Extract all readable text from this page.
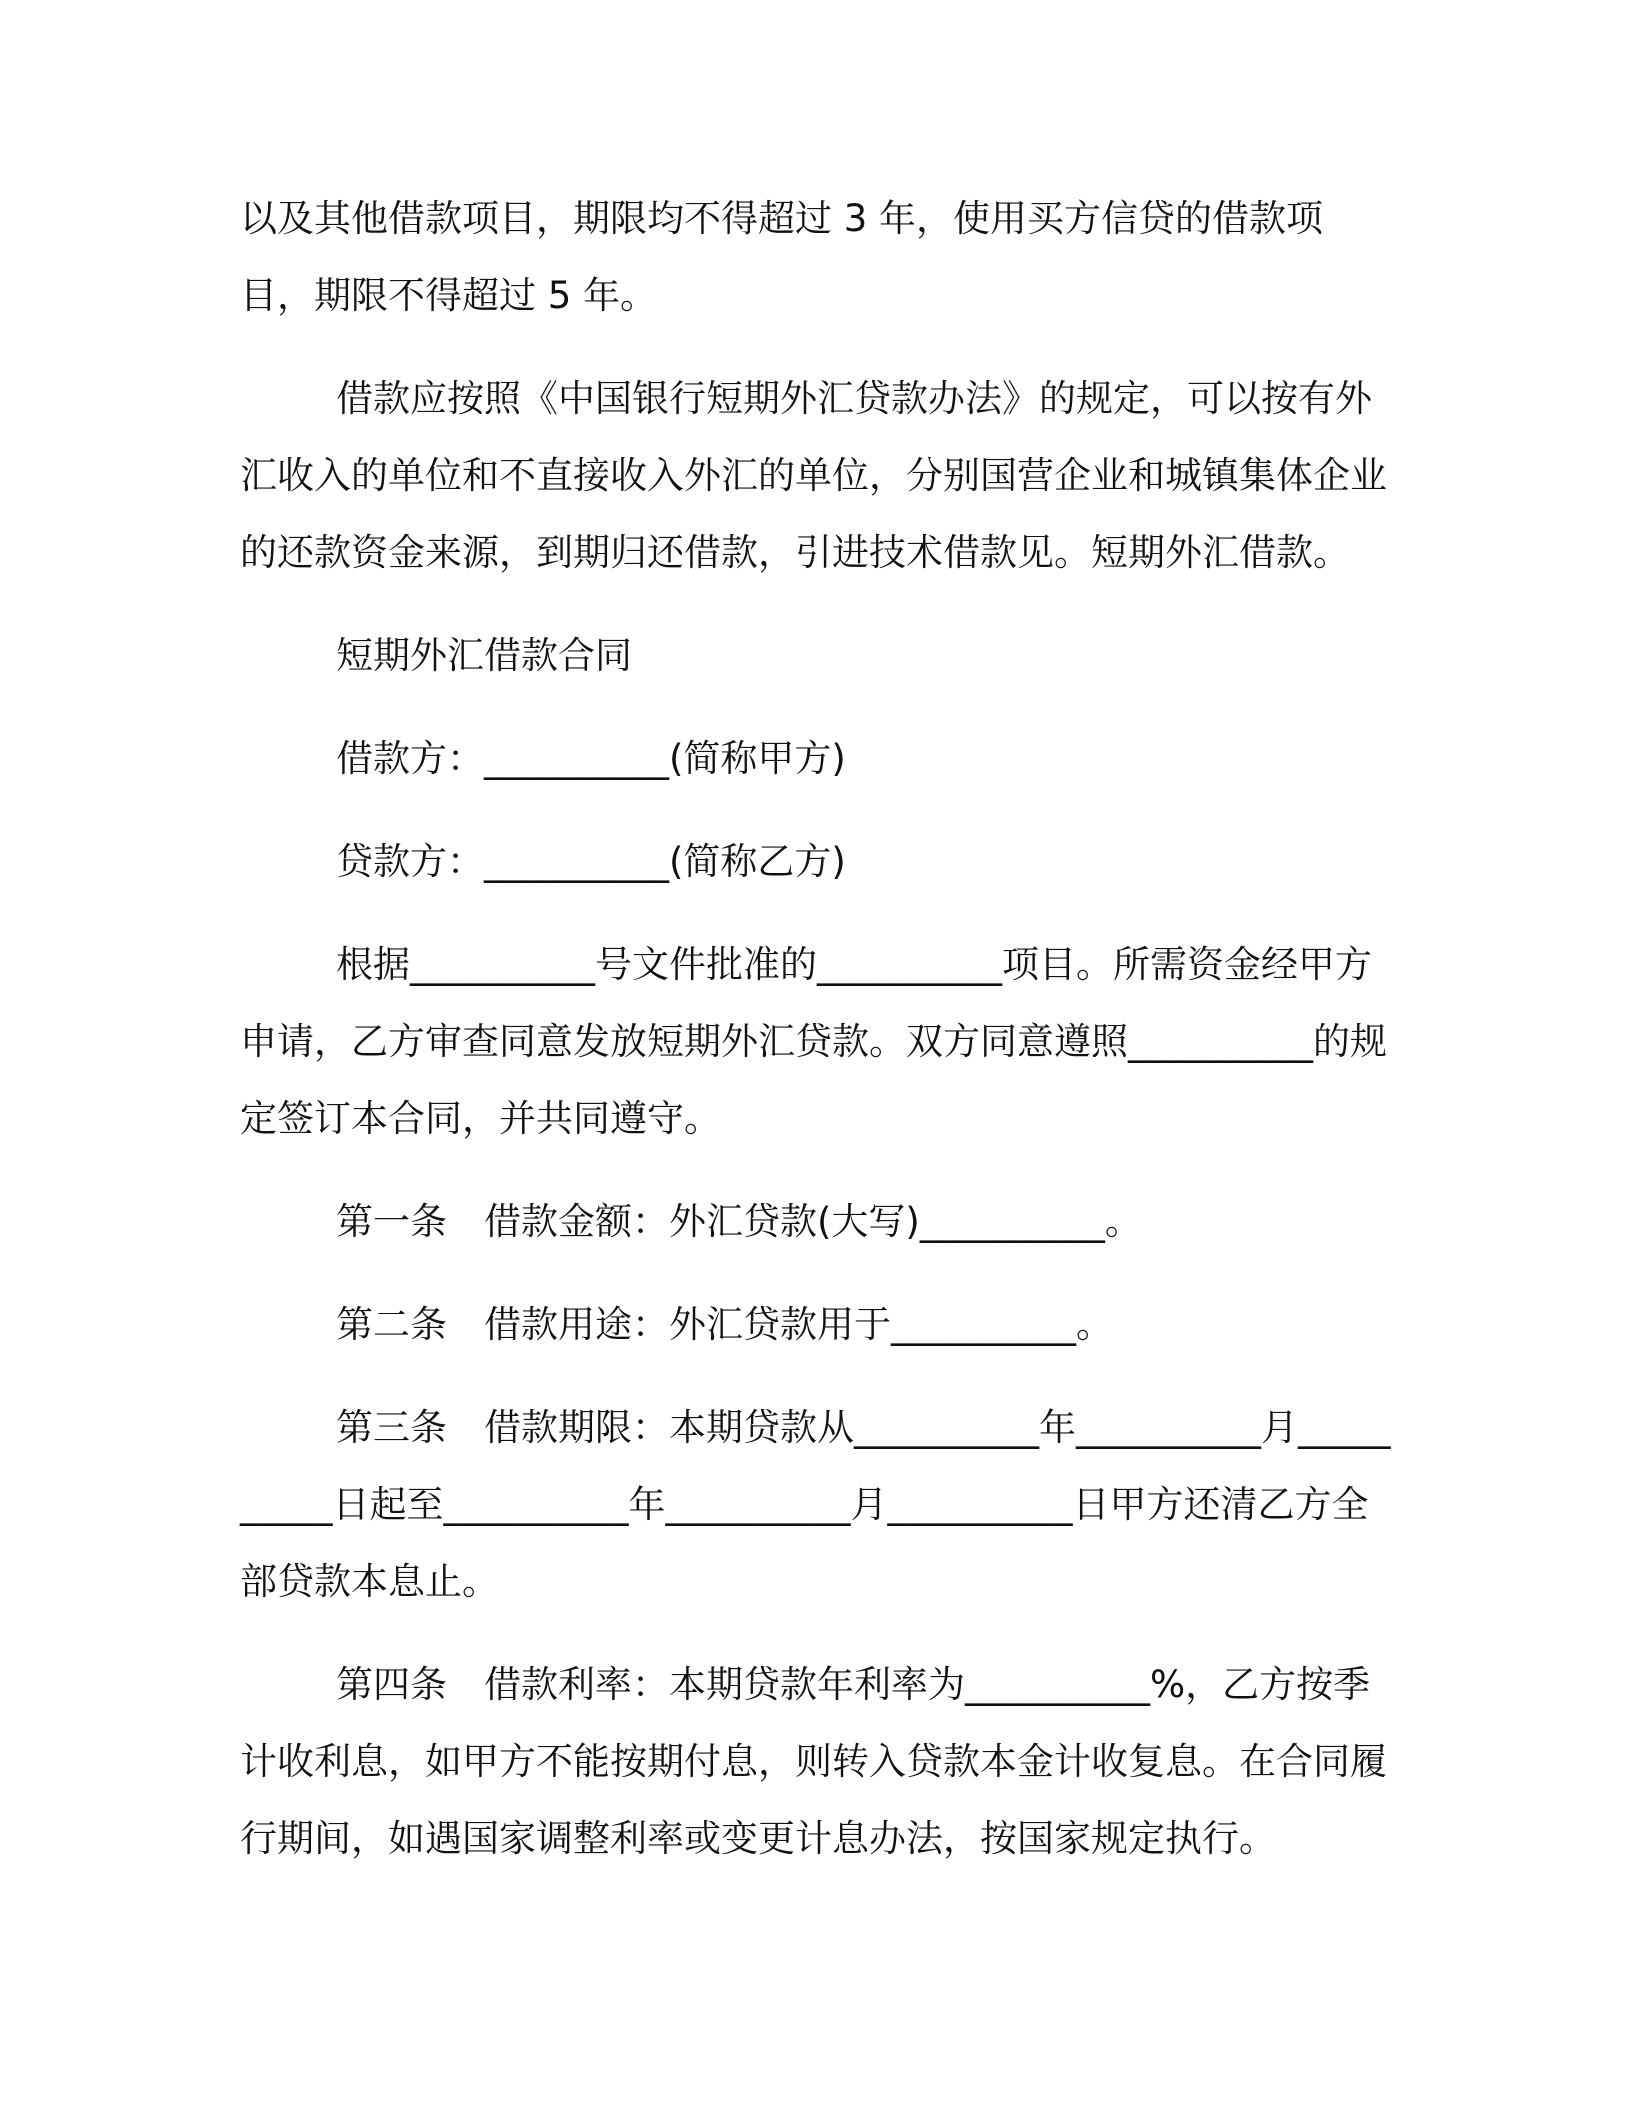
以及其他借款项目，期限均不得超过 3 年，使用买方信贷的借款项目，期限不得超过 5 年。

借款应按照《中国银行短期外汇贷款办法》的规定，可以按有外汇收入的单位和不直接收入外汇的单位，分别国营企业和城镇集体企业的还款资金来源，到期归还借款，引进技术借款见。短期外汇借款。

短期外汇借款合同

借款方：__________(简称甲方)

贷款方：__________(简称乙方)

根据__________号文件批准的__________项目。所需资金经甲方申请，乙方审查同意发放短期外汇贷款。双方同意遵照__________的规定签订本合同，并共同遵守。

第一条　借款金额：外汇贷款(大写)__________。

第二条　借款用途：外汇贷款用于__________。

第三条　借款期限：本期贷款从__________年__________月__________日起至__________年__________月__________日甲方还清乙方全部贷款本息止。

第四条　借款利率：本期贷款年利率为__________%，乙方按季计收利息，如甲方不能按期付息，则转入贷款本金计收复息。在合同履行期间，如遇国家调整利率或变更计息办法，按国家规定执行。
